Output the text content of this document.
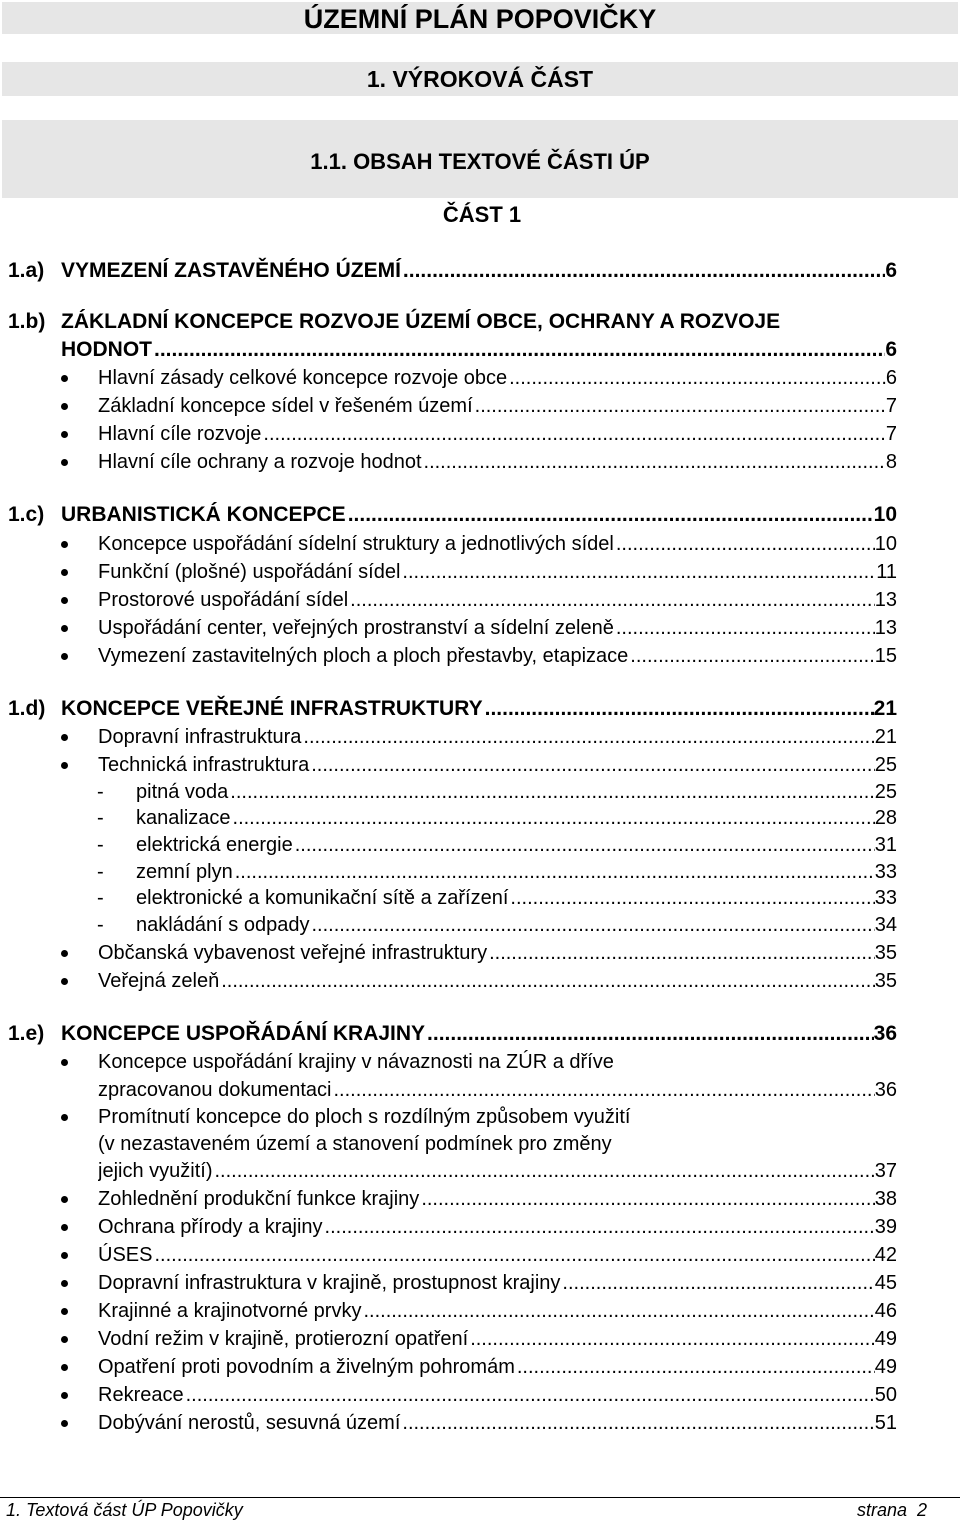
ÚZEMNÍ PLÁN POPOVIČKY
1. VÝROKOVÁ ČÁST
1.1. OBSAH TEXTOVÉ ČÁSTI ÚP
ČÁST 1
1.a) VYMEZENÍ ZASTAVĚNÉHO ÚZEMÍ .....	6
1.b) ZÁKLADNÍ KONCEPCE ROZVOJE ÚZEMÍ OBCE, OCHRANY A ROZVOJE
HODNOT .....	6
Hlavní zásady celkové koncepce rozvoje obce .....	6
Základní koncepce sídel v řešeném území .....	7
Hlavní cíle rozvoje .....	7
Hlavní cíle ochrany a rozvoje hodnot .....	8
1.c) URBANISTICKÁ KONCEPCE .....	10
Koncepce uspořádání sídelní struktury a jednotlivých sídel .....	10
Funkční (plošné) uspořádání sídel .....	11
Prostorové uspořádání sídel .....	13
Uspořádání center, veřejných prostranství a sídelní zeleně .....	13
Vymezení zastavitelných ploch a ploch přestavby, etapizace .....	15
1.d) KONCEPCE VEŘEJNÉ INFRASTRUKTURY .....	21
Dopravní infrastruktura .....	21
Technická infrastruktura .....	25
- pitná voda .....	25
- kanalizace .....	28
- elektrická energie .....	31
- zemní plyn .....	33
- elektronické a komunikační sítě a zařízení .....	33
- nakládání s odpady .....	34
Občanská vybavenost veřejné infrastruktury .....	35
Veřejná zeleň .....	35
1.e) KONCEPCE USPOŘÁDÁNÍ KRAJINY .....	36
Koncepce uspořádání krajiny v návaznosti na ZÚR a dříve
zpracovanou dokumentaci .....	36
Promítnutí koncepce do ploch s rozdílným způsobem využití
(v nezastaveném území a stanovení podmínek pro změny
jejich využití) .....	37
Zohlednění produkční funkce krajiny .....	38
Ochrana přírody a krajiny .....	39
ÚSES .....	42
Dopravní infrastruktura v krajině, prostupnost krajiny .....	45
Krajinné a krajinotvorné prvky .....	46
Vodní režim v krajině, protierozní opatření .....	49
Opatření proti povodním a živelným pohromám .....	49
Rekreace .....	50
Dobývání nerostů, sesuvná území .....	51
1. Textová část ÚP Popovičky	strana  2
